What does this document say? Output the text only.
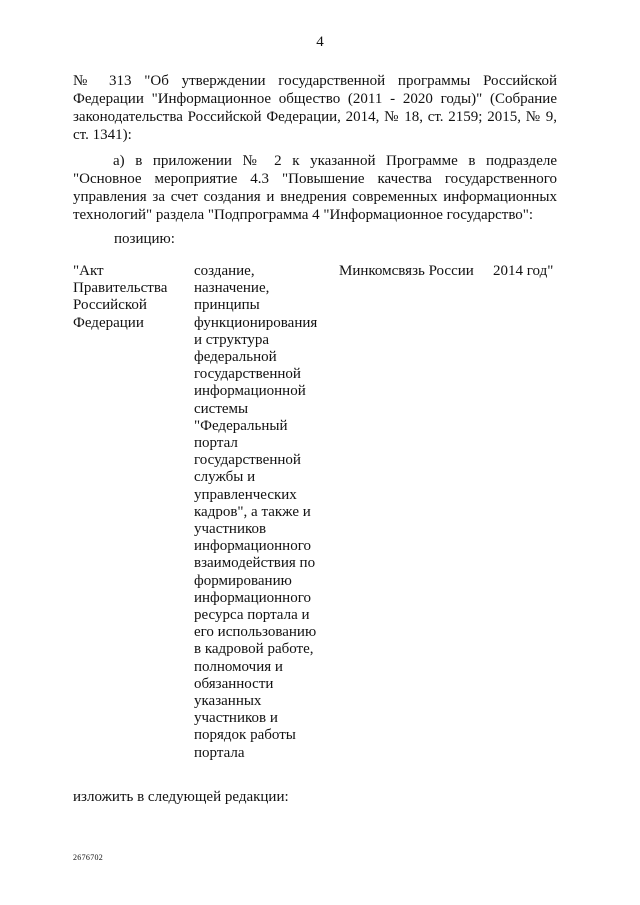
4
№ 313 "Об утверждении государственной программы Российской Федерации "Информационное общество (2011 - 2020 годы)" (Собрание законодательства Российской Федерации, 2014, № 18, ст. 2159; 2015, № 9, ст. 1341):
а) в приложении № 2 к указанной Программе в подразделе "Основное мероприятие 4.3 "Повышение качества государственного управления за счет создания и внедрения современных информационных технологий" раздела "Подпрограмма 4 "Информационное государство":
позицию:
"Акт Правительства Российской Федерации
создание, назначение, принципы функционирования и структура федеральной государственной информационной системы "Федеральный портал государственной службы и управленческих кадров", а также и участников информационного взаимодействия по формированию информационного ресурса портала и его использованию в кадровой работе, полномочия и обязанности указанных участников и порядок работы портала
Минкомсвязь России	2014 год"
изложить в следующей редакции:
2676702
